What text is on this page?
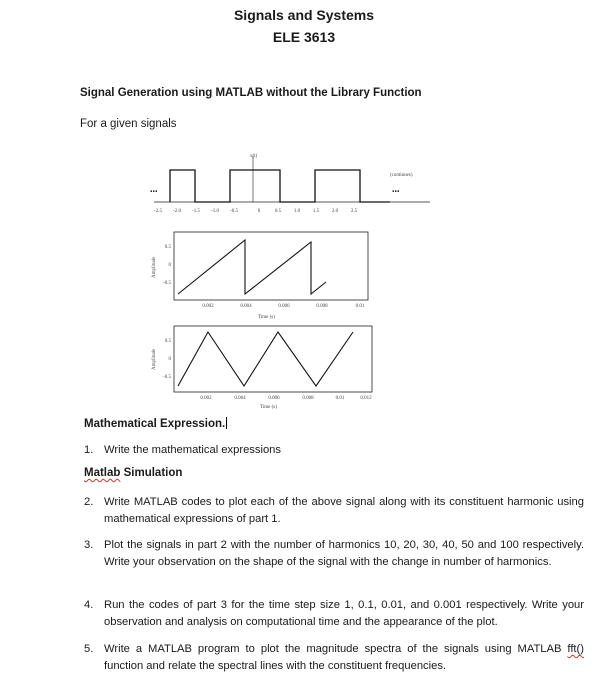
Signals and Systems
ELE 3613
Signal Generation using MATLAB without the Library Function
For a given signals
x(t)
...	...
(continues)
-2.5 -2.0 -1.5 -1.0 -0.5	0	0.5	1.0	1.5	2.0	2.5
Amplitude
Time (s)
0.5
0
-0.5
0.002	0.004	0.006	0.008	0.01
Amplitude
Time (s)
0.5
0
-0.5
0.002	0.004	0.006	0.008	0.01	0.012
Mathematical Expression.
1. Write the mathematical expressions
Matlab Simulation
2. Write MATLAB codes to plot each of the above signal along with its constituent harmonic using mathematical expressions of part 1.
3. Plot the signals in part 2 with the number of harmonics 10, 20, 30, 40, 50 and 100 respectively. Write your observation on the shape of the signal with the change in number of harmonics.
4. Run the codes of part 3 for the time step size 1, 0.1, 0.01, and 0.001 respectively. Write your observation and analysis on computational time and the appearance of the plot.
5. Write a MATLAB program to plot the magnitude spectra of the signals using MATLAB fft() function and relate the spectral lines with the constituent frequencies.
